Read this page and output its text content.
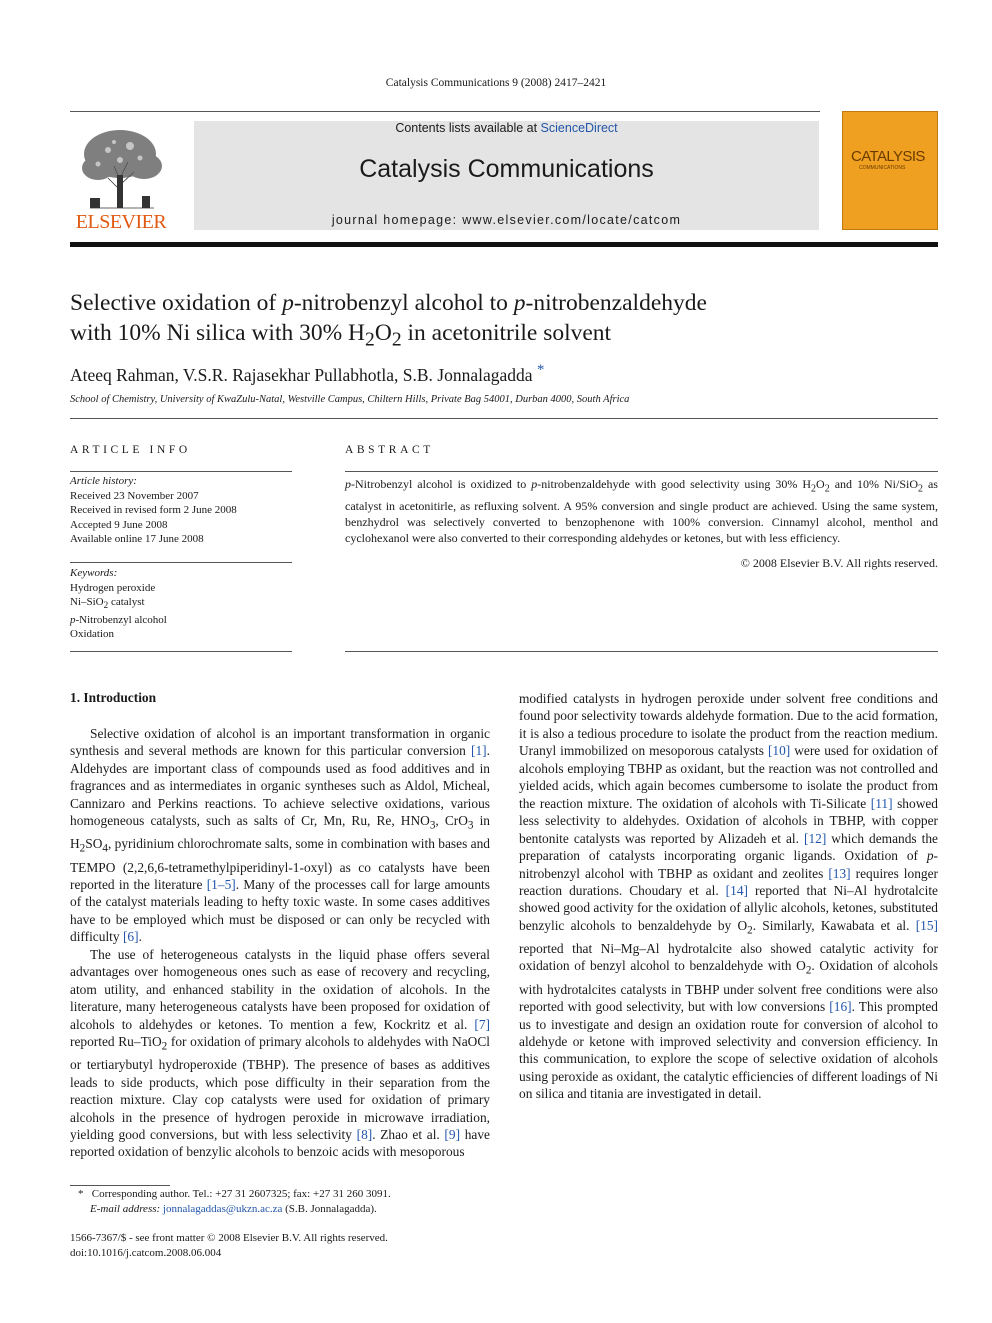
Catalysis Communications 9 (2008) 2417–2421
ELSEVIER
Contents lists available at ScienceDirect
Catalysis Communications
journal homepage: www.elsevier.com/locate/catcom
CATALYSIS
COMMUNICATIONS
Selective oxidation of p-nitrobenzyl alcohol to p-nitrobenzaldehyde
with 10% Ni silica with 30% $H_2O_2$ in acetonitrile solvent
Ateeq Rahman, V.S.R. Rajasekhar Pullabhotla, S.B. Jonnalagadda *
School of Chemistry, University of KwaZulu-Natal, Westville Campus, Chiltern Hills, Private Bag 54001, Durban 4000, South Africa
ARTICLE INFO	ABSTRACT
Article history:
Received 23 November 2007
Received in revised form 2 June 2008
Accepted 9 June 2008
Available online 17 June 2008
Keywords:
Hydrogen peroxide
Ni–SiO$_2$ catalyst
p-Nitrobenzyl alcohol
Oxidation
p-Nitrobenzyl alcohol is oxidized to p-nitrobenzaldehyde with good selectivity using 30% $H_2O_2$ and 10% Ni/SiO$_2$ as catalyst in acetonitirle, as refluxing solvent. A 95% conversion and single product are achieved. Using the same system, benzhydrol was selectively converted to benzophenone with 100% conversion. Cinnamyl alcohol, menthol and cyclohexanol were also converted to their corresponding aldehydes or ketones, but with less efficiency.
© 2008 Elsevier B.V. All rights reserved.
1. Introduction

Selective oxidation of alcohol is an important transformation in organic synthesis and several methods are known for this particular conversion [1]. Aldehydes are important class of compounds used as food additives and in fragrances and as intermediates in organic syntheses such as Aldol, Micheal, Cannizaro and Perkins reactions. To achieve selective oxidations, various homogeneous catalysts, such as salts of Cr, Mn, Ru, Re, $HNO_3$, CrO$_3$ in $H_2SO_4$, pyridinium chlorochromate salts, some in combination with bases and TEMPO (2,2,6,6-tetramethylpiperidinyl-1-oxyl) as co catalysts have been reported in the literature [1–5]. Many of the processes call for large amounts of the catalyst materials leading to hefty toxic waste. In some cases additives have to be employed which must be disposed or can only be recycled with difficulty [6].

The use of heterogeneous catalysts in the liquid phase offers several advantages over homogeneous ones such as ease of recovery and recycling, atom utility, and enhanced stability in the oxidation of alcohols. In the literature, many heterogeneous catalysts have been proposed for oxidation of alcohols to aldehydes or ketones. To mention a few, Kockritz et al. [7] reported Ru–TiO$_2$ for oxidation of primary alcohols to aldehydes with NaOCl or tertiarybutyl hydroperoxide (TBHP). The presence of bases as additives leads to side products, which pose difficulty in their separation from the reaction mixture. Clay cop catalysts were used for oxidation of primary alcohols in the presence of hydrogen peroxide in microwave irradiation, yielding good conversions, but with less selectivity [8]. Zhao et al. [9] have reported oxidation of benzylic alcohols to benzoic acids with mesoporous

modified catalysts in hydrogen peroxide under solvent free conditions and found poor selectivity towards aldehyde formation. Due to the acid formation, it is also a tedious procedure to isolate the product from the reaction medium. Uranyl immobilized on mesoporous catalysts [10] were used for oxidation of alcohols employing TBHP as oxidant, but the reaction was not controlled and yielded acids, which again becomes cumbersome to isolate the product from the reaction mixture. The oxidation of alcohols with Ti-Silicate [11] showed less selectivity to aldehydes. Oxidation of alcohols in TBHP, with copper bentonite catalysts was reported by Alizadeh et al. [12] which demands the preparation of catalysts incorporating organic ligands. Oxidation of p-nitrobenzyl alcohol with TBHP as oxidant and zeolites [13] requires longer reaction durations. Choudary et al. [14] reported that Ni–Al hydrotalcite showed good activity for the oxidation of allylic alcohols, ketones, substituted benzylic alcohols to benzaldehyde by $O_2$. Similarly, Kawabata et al. [15] reported that Ni–Mg–Al hydrotalcite also showed catalytic activity for oxidation of benzyl alcohol to benzaldehyde with $O_2$. Oxidation of alcohols with hydrotalcites catalysts in TBHP under solvent free conditions were also reported with good selectivity, but with low conversions [16]. This prompted us to investigate and design an oxidation route for conversion of alcohol to aldehyde or ketone with improved selectivity and conversion efficiency. In this communication, to explore the scope of selective oxidation of alcohols using peroxide as oxidant, the catalytic efficiencies of different loadings of Ni on silica and titania are investigated in detail.

* Corresponding author. Tel.: +27 31 2607325; fax: +27 31 260 3091.
E-mail address: jonnalagaddas@ukzn.ac.za (S.B. Jonnalagadda).
1566-7367/$ - see front matter © 2008 Elsevier B.V. All rights reserved.
doi:10.1016/j.catcom.2008.06.004
